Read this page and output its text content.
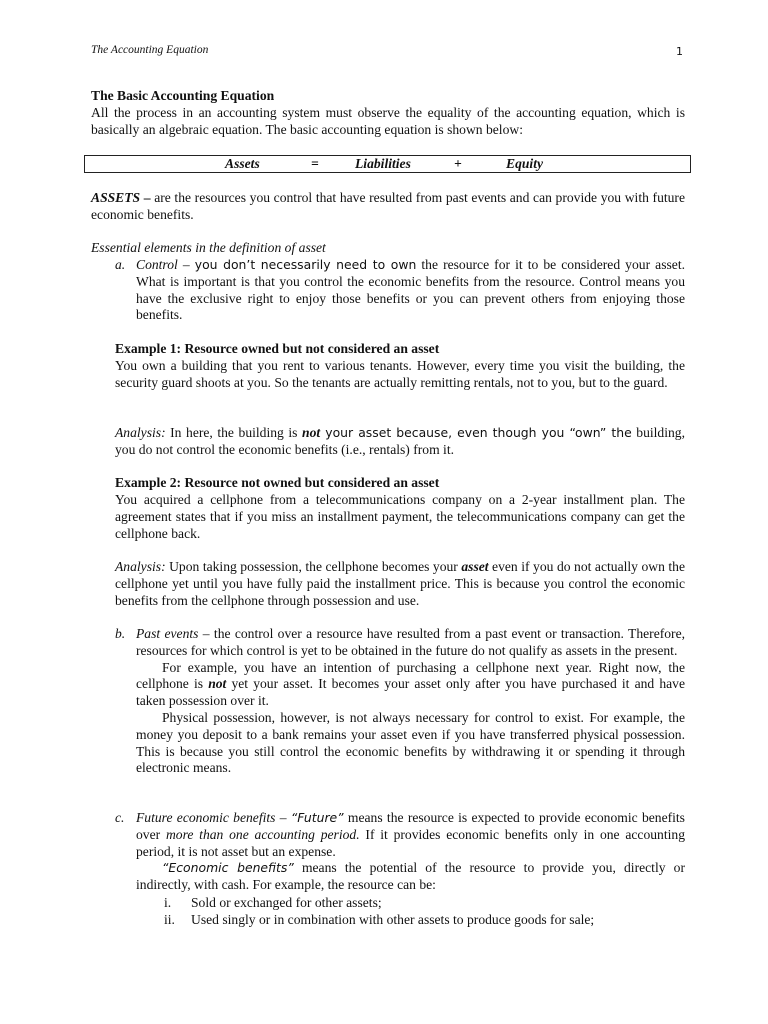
The Accounting Equation	1
The Basic Accounting Equation
All the process in an accounting system must observe the equality of the accounting equation, which is basically an algebraic equation. The basic accounting equation is shown below:
Assets	=	Liabilities	+	Equity
ASSETS – are the resources you control that have resulted from past events and can provide you with future economic benefits.
Essential elements in the definition of asset
a. Control – you don’t necessarily need to own the resource for it to be considered your asset. What is important is that you control the economic benefits from the resource. Control means you have the exclusive right to enjoy those benefits or you can prevent others from enjoying those benefits.
Example 1: Resource owned but not considered an asset
You own a building that you rent to various tenants. However, every time you visit the building, the security guard shoots at you. So the tenants are actually remitting rentals, not to you, but to the guard.
Analysis: In here, the building is not your asset because, even though you “own” the building, you do not control the economic benefits (i.e., rentals) from it.
Example 2: Resource not owned but considered an asset
You acquired a cellphone from a telecommunications company on a 2-year installment plan. The agreement states that if you miss an installment payment, the telecommunications company can get the cellphone back.
Analysis: Upon taking possession, the cellphone becomes your asset even if you do not actually own the cellphone yet until you have fully paid the installment price. This is because you control the economic benefits from the cellphone through possession and use.
b. Past events – the control over a resource have resulted from a past event or transaction. Therefore, resources for which control is yet to be obtained in the future do not qualify as assets in the present.
For example, you have an intention of purchasing a cellphone next year. Right now, the cellphone is not yet your asset. It becomes your asset only after you have purchased it and have taken possession over it.
Physical possession, however, is not always necessary for control to exist. For example, the money you deposit to a bank remains your asset even if you have transferred physical possession. This is because you still control the economic benefits by withdrawing it or spending it through electronic means.
c. Future economic benefits – “Future” means the resource is expected to provide economic benefits over more than one accounting period. If it provides economic benefits only in one accounting period, it is not asset but an expense.
“Economic benefits” means the potential of the resource to provide you, directly or indirectly, with cash. For example, the resource can be:
i. Sold or exchanged for other assets;
ii. Used singly or in combination with other assets to produce goods for sale;
